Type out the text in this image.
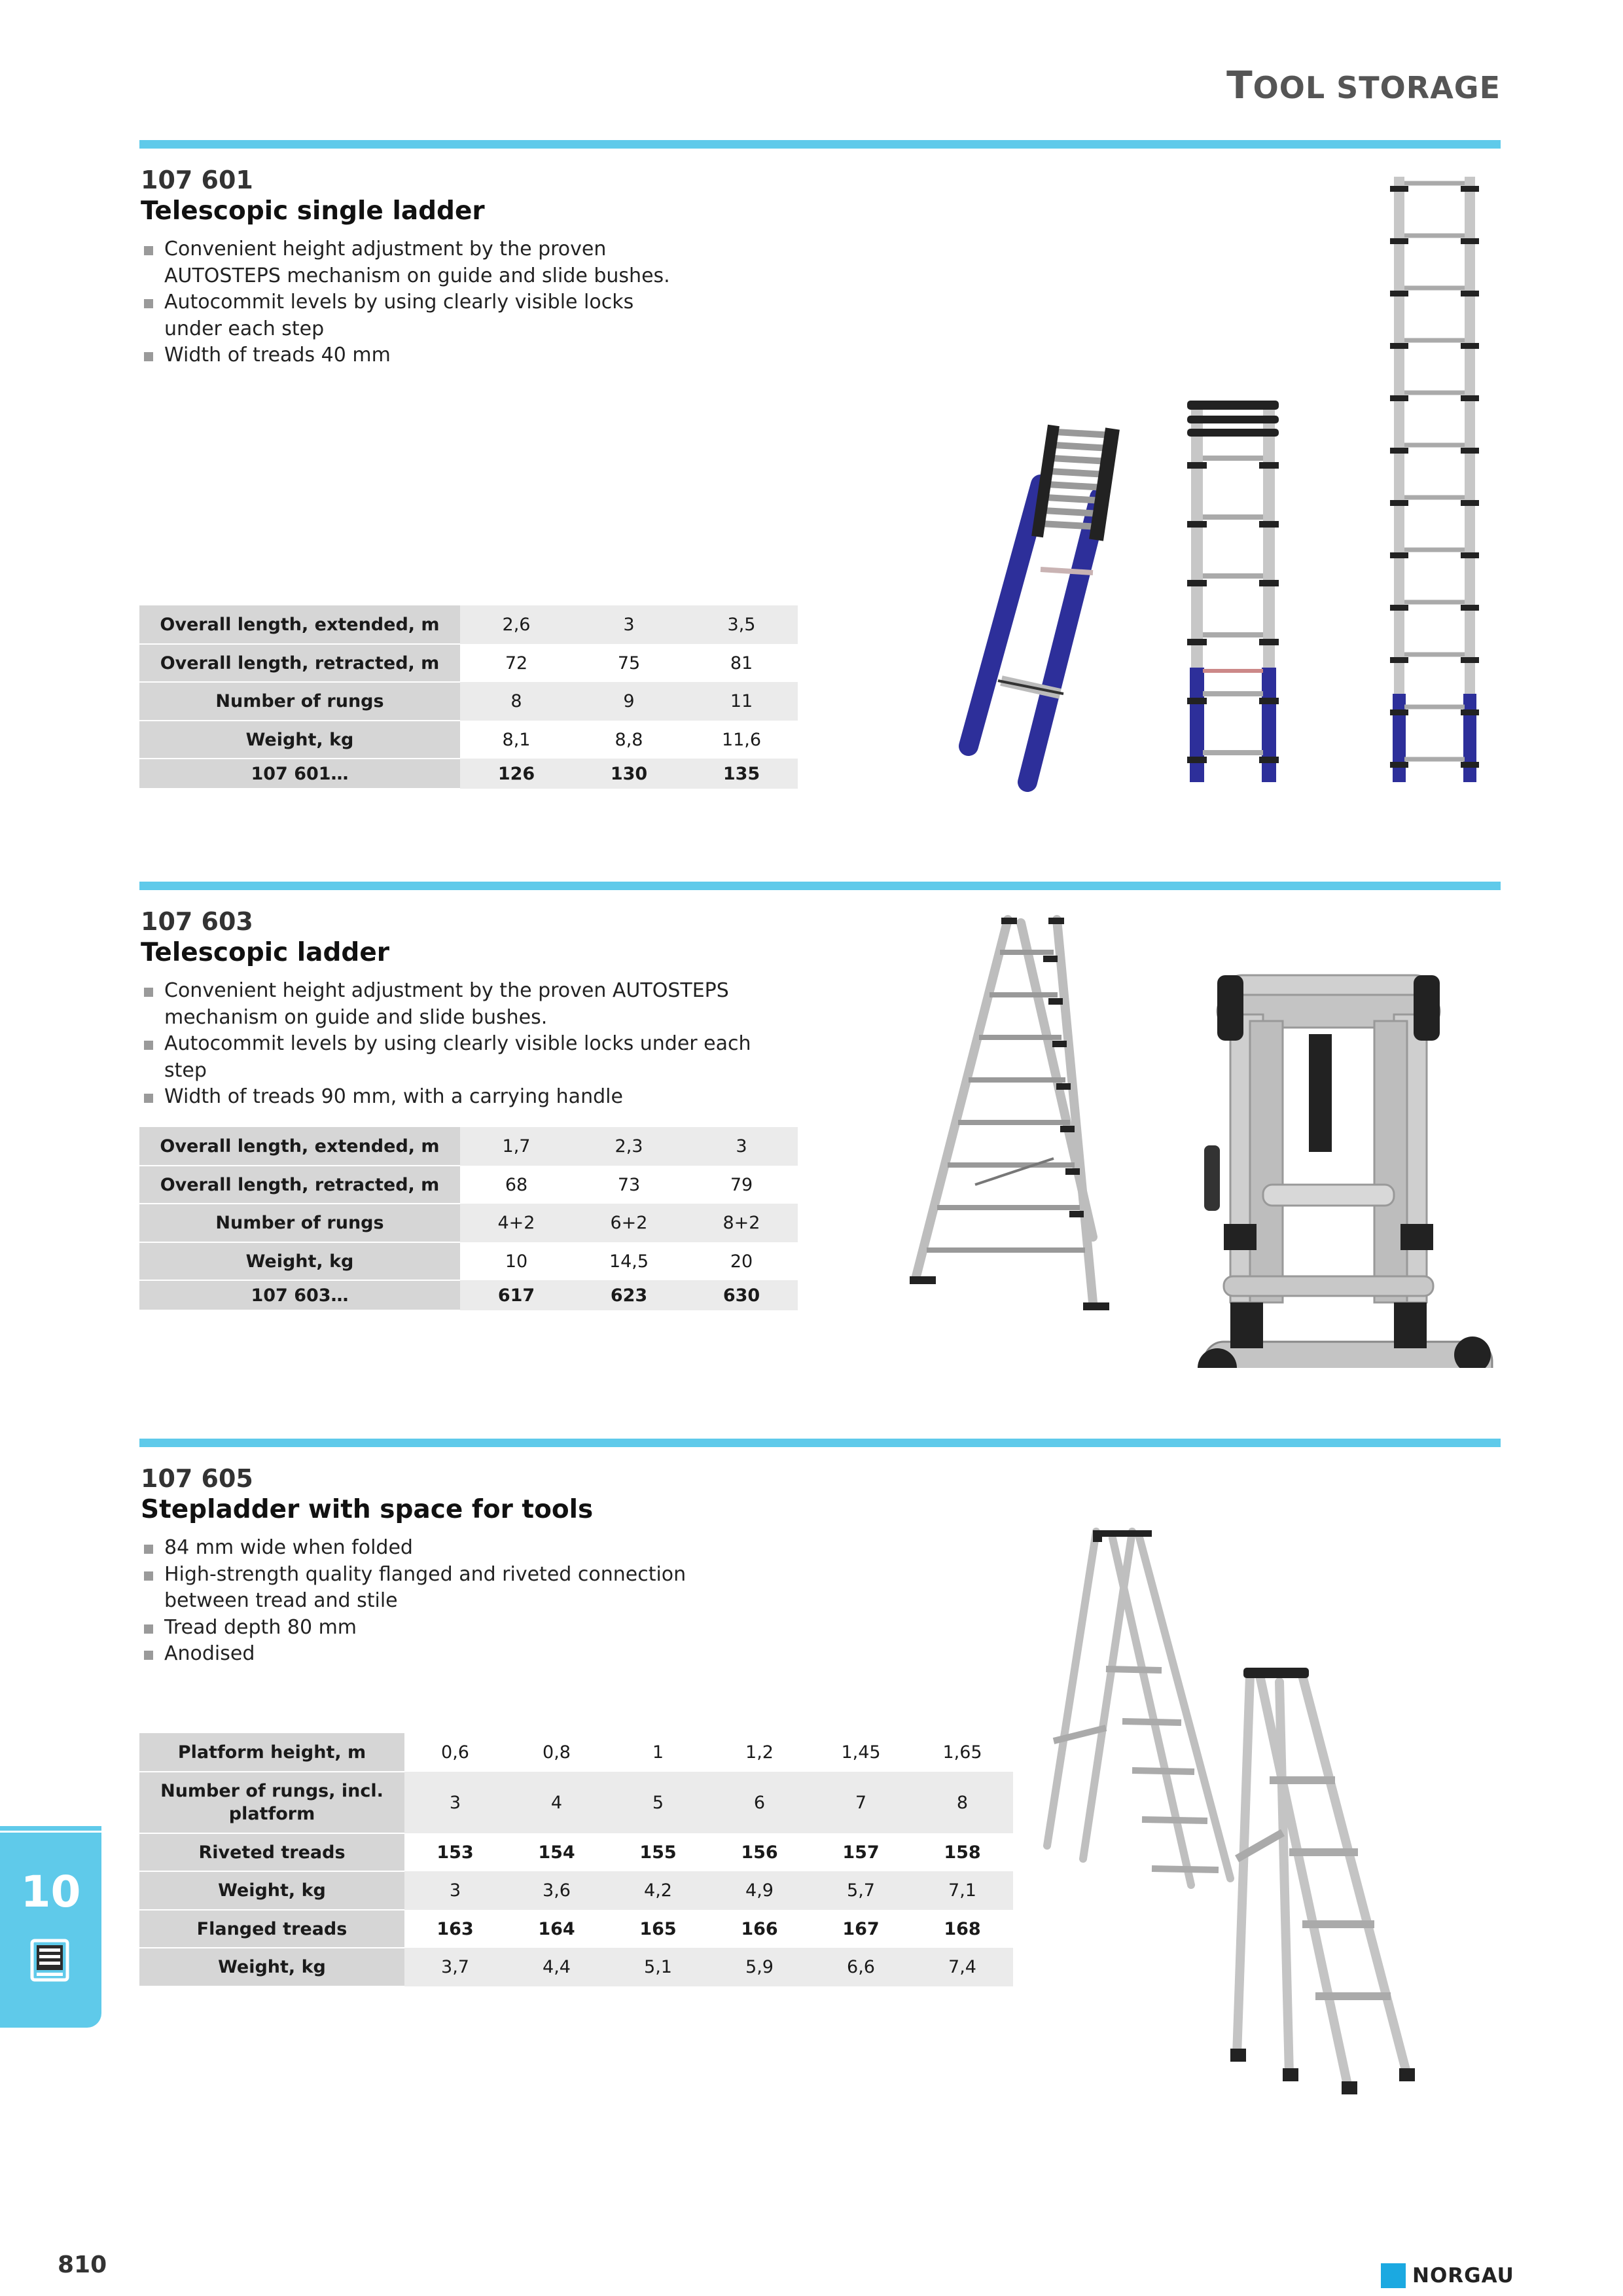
TOOL STORAGE
107 601
Telescopic single ladder
Convenient height adjustment by the proven AUTOSTEPS mechanism on guide and slide bushes.
Autocommit levels by using clearly visible locks under each step
Width of treads 40 mm
Overall length, extended, m	2,6	3	3,5
Overall length, retracted, m	72	75	81
Number of rungs	8	9	11
Weight, kg	8,1	8,8	11,6
107 601…	126	130	135
107 603
Telescopic ladder
Convenient height adjustment by the proven AUTOSTEPS mechanism on guide and slide bushes.
Autocommit levels by using clearly visible locks under each step
Width of treads 90 mm, with a carrying handle
Overall length, extended, m	1,7	2,3	3
Overall length, retracted, m	68	73	79
Number of rungs	4+2	6+2	8+2
Weight, kg	10	14,5	20
107 603…	617	623	630
107 605
Stepladder with space for tools
84 mm wide when folded
High-strength quality flanged and riveted connection between tread and stile
Tread depth 80 mm
Anodised
Platform height, m	0,6	0,8	1	1,2	1,45	1,65
Number of rungs, incl. platform	3	4	5	6	7	8
Riveted treads	153	154	155	156	157	158
Weight, kg	3	3,6	4,2	4,9	5,7	7,1
Flanged treads	163	164	165	166	167	168
Weight, kg	3,7	4,4	5,1	5,9	6,6	7,4
10
810	NORGAU
